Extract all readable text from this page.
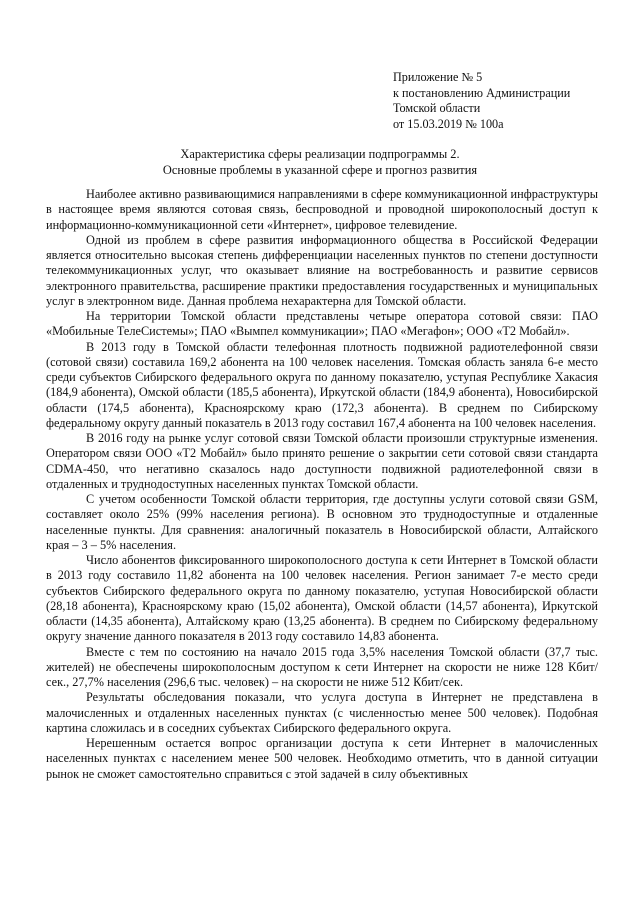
Приложение № 5
к постановлению Администрации
Томской области
от 15.03.2019 № 100а
Характеристика сферы реализации подпрограммы 2.
Основные проблемы в указанной сфере и прогноз развития

Наиболее активно развивающимися направлениями в сфере коммуникационной инфраструктуры в настоящее время являются сотовая связь, беспроводной и проводной широкополосный доступ к информационно-коммуникационной сети «Интернет», цифровое телевидение.

Одной из проблем в сфере развития информационного общества в Российской Федерации является относительно высокая степень дифференциации населенных пунктов по степени доступности телекоммуникационных услуг, что оказывает влияние на востребованность и развитие сервисов электронного правительства, расширение практики предоставления государственных и муниципальных услуг в электронном виде. Данная проблема нехарактерна для Томской области.

На территории Томской области представлены четыре оператора сотовой связи: ПАО «Мобильные ТелеСистемы»; ПАО «Вымпел коммуникации»; ПАО «Мегафон»; ООО «Т2 Мобайл».

В 2013 году в Томской области телефонная плотность подвижной радиотелефонной связи (сотовой связи) составила 169,2 абонента на 100 человек населения. Томская область заняла 6-е место среди субъектов Сибирского федерального округа по данному показателю, уступая Республике Хакасия (184,9 абонента), Омской области (185,5 абонента), Иркутской области (184,9 абонента), Новосибирской области (174,5 абонента), Красноярскому краю (172,3 абонента). В среднем по Сибирскому федеральному округу данный показатель в 2013 году составил 167,4 абонента на 100 человек населения.

В 2016 году на рынке услуг сотовой связи Томской области произошли структурные изменения. Оператором связи ООО «Т2 Мобайл» было принято решение о закрытии сети сотовой связи стандарта CDMA-450, что негативно сказалось надо доступности подвижной радиотелефонной связи в отдаленных и труднодоступных населенных пунктах Томской области.

С учетом особенности Томской области территория, где доступны услуги сотовой связи GSM, составляет около 25% (99% населения региона). В основном это труднодоступные и отдаленные населенные пункты. Для сравнения: аналогичный показатель в Новосибирской области, Алтайского края – 3 – 5% населения.

Число абонентов фиксированного широкополосного доступа к сети Интернет в Томской области в 2013 году составило 11,82 абонента на 100 человек населения. Регион занимает 7-е место среди субъектов Сибирского федерального округа по данному показателю, уступая Новосибирской области (28,18 абонента), Красноярскому краю (15,02 абонента), Омской области (14,57 абонента), Иркутской области (14,35 абонента), Алтайскому краю (13,25 абонента). В среднем по Сибирскому федеральному округу значение данного показателя в 2013 году составило 14,83 абонента.

Вместе с тем по состоянию на начало 2015 года 3,5% населения Томской области (37,7 тыс. жителей) не обеспечены широкополосным доступом к сети Интернет на скорости не ниже 128 Кбит/сек., 27,7% населения (296,6 тыс. человек) – на скорости не ниже 512 Кбит/сек.

Результаты обследования показали, что услуга доступа в Интернет не представлена в малочисленных и отдаленных населенных пунктах (с численностью менее 500 человек). Подобная картина сложилась и в соседних субъектах Сибирского федерального округа.

Нерешенным остается вопрос организации доступа к сети Интернет в малочисленных населенных пунктах с населением менее 500 человек. Необходимо отметить, что в данной ситуации рынок не сможет самостоятельно справиться с этой задачей в силу объективных
